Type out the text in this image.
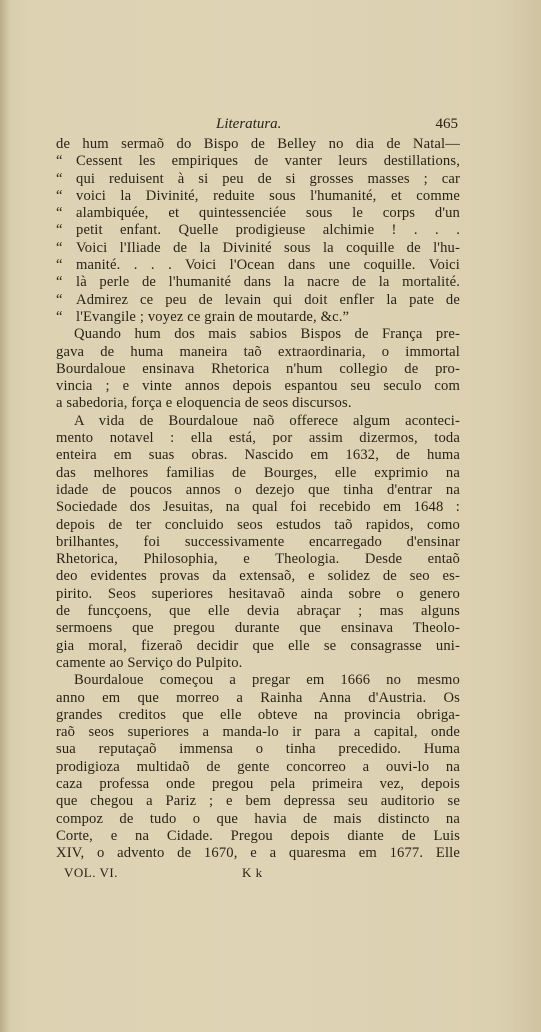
Literatura.	465
de hum sermaõ do Bispo de Belley no dia de Natal—
“ Cessent les empiriques de vanter leurs destillations,
“ qui reduisent à si peu de si grosses masses ; car
“ voici la Divinité, reduite sous l'humanité, et comme
“ alambiquée, et quintessenciée sous le corps d'un
“ petit enfant. Quelle prodigieuse alchimie ! . . .
“ Voici l'Iliade de la Divinité sous la coquille de l'hu-
“ manité. . . . Voici l'Ocean dans une coquille. Voici
“ là perle de l'humanité dans la nacre de la mortalité.
“ Admirez ce peu de levain qui doit enfler la pate de
“ l'Evangile ; voyez ce grain de moutarde, &c.”
Quando hum dos mais sabios Bispos de França pre-
gava de huma maneira taõ extraordinaria, o immortal
Bourdaloue ensinava Rhetorica n'hum collegio de pro-
vincia ; e vinte annos depois espantou seu seculo com
a sabedoria, força e eloquencia de seos discursos.
A vida de Bourdaloue naõ offerece algum aconteci-
mento notavel : ella está, por assim dizermos, toda
enteira em suas obras. Nascido em 1632, de huma
das melhores familias de Bourges, elle exprimio na
idade de poucos annos o dezejo que tinha d'entrar na
Sociedade dos Jesuitas, na qual foi recebido em 1648 :
depois de ter concluido seos estudos taõ rapidos, como
brilhantes, foi successivamente encarregado d'ensinar
Rhetorica, Philosophia, e Theologia. Desde entaõ
deo evidentes provas da extensaõ, e solidez de seo es-
pirito. Seos superiores hesitavaõ ainda sobre o genero
de funcçoens, que elle devia abraçar ; mas alguns
sermoens que pregou durante que ensinava Theolo-
gia moral, fizeraõ decidir que elle se consagrasse uni-
camente ao Serviço do Pulpito.
Bourdaloue começou a pregar em 1666 no mesmo
anno em que morreo a Rainha Anna d'Austria. Os
grandes creditos que elle obteve na provincia obriga-
raõ seos superiores a manda-lo ir para a capital, onde
sua reputaçaõ immensa o tinha precedido. Huma
prodigioza multidaõ de gente concorreo a ouvi-lo na
caza professa onde pregou pela primeira vez, depois
que chegou a Pariz ; e bem depressa seu auditorio se
compoz de tudo o que havia de mais distincto na
Corte, e na Cidade. Pregou depois diante de Luis
XIV, o advento de 1670, e a quaresma em 1677. Elle
VOL. VI.	K k
